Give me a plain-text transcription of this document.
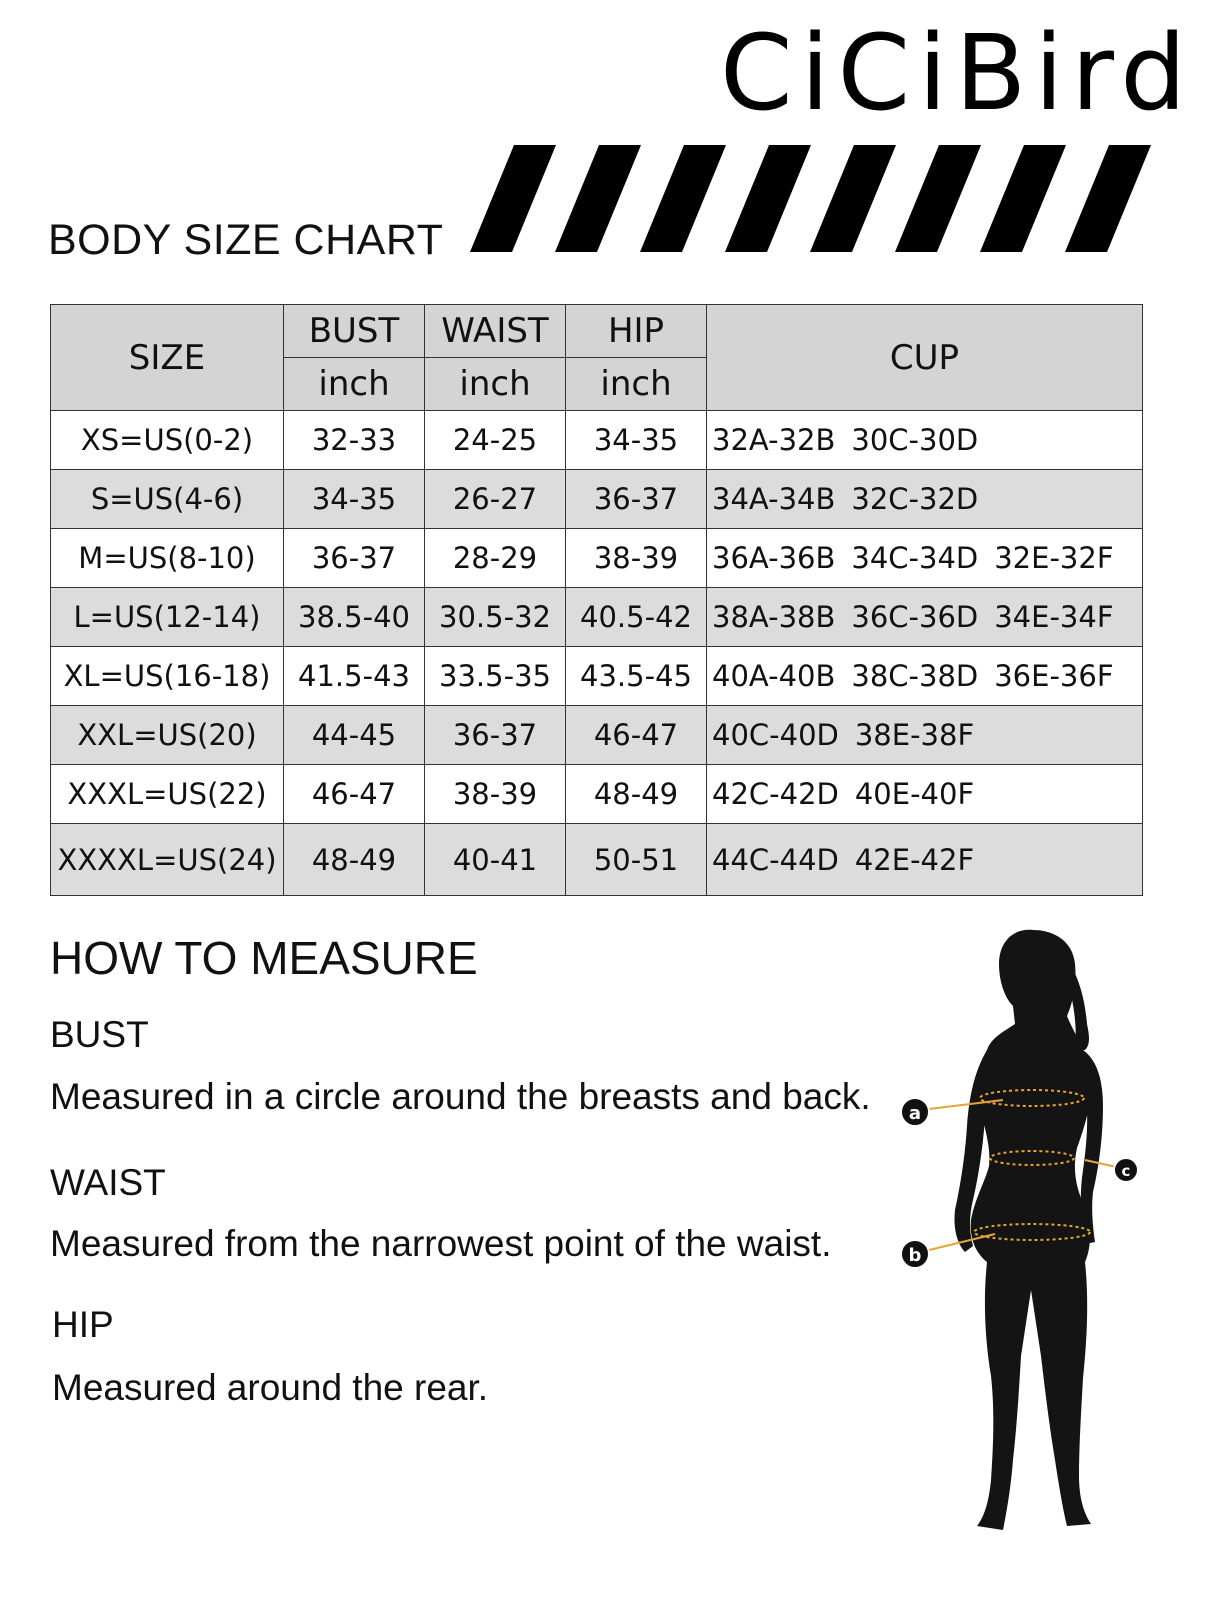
CiCiBird
BODY SIZE CHART
SIZE	BUST	WAIST	HIP	CUP
	inch	inch	inch	
XS=US(0-2)	32-33	24-25	34-35	32A-32B 30C-30D
S=US(4-6)	34-35	26-27	36-37	34A-34B 32C-32D
M=US(8-10)	36-37	28-29	38-39	36A-36B 34C-34D 32E-32F
L=US(12-14)	38.5-40	30.5-32	40.5-42	38A-38B 36C-36D 34E-34F
XL=US(16-18)	41.5-43	33.5-35	43.5-45	40A-40B 38C-38D 36E-36F
XXL=US(20)	44-45	36-37	46-47	40C-40D 38E-38F
XXXL=US(22)	46-47	38-39	48-49	42C-42D 40E-40F
XXXXL=US(24)	48-49	40-41	50-51	44C-44D 42E-42F
HOW TO MEASURE
BUST
Measured in a circle around the breasts and back.
WAIST
Measured from the narrowest point of the waist.
HIP
Measured around the rear.
a
b
c
